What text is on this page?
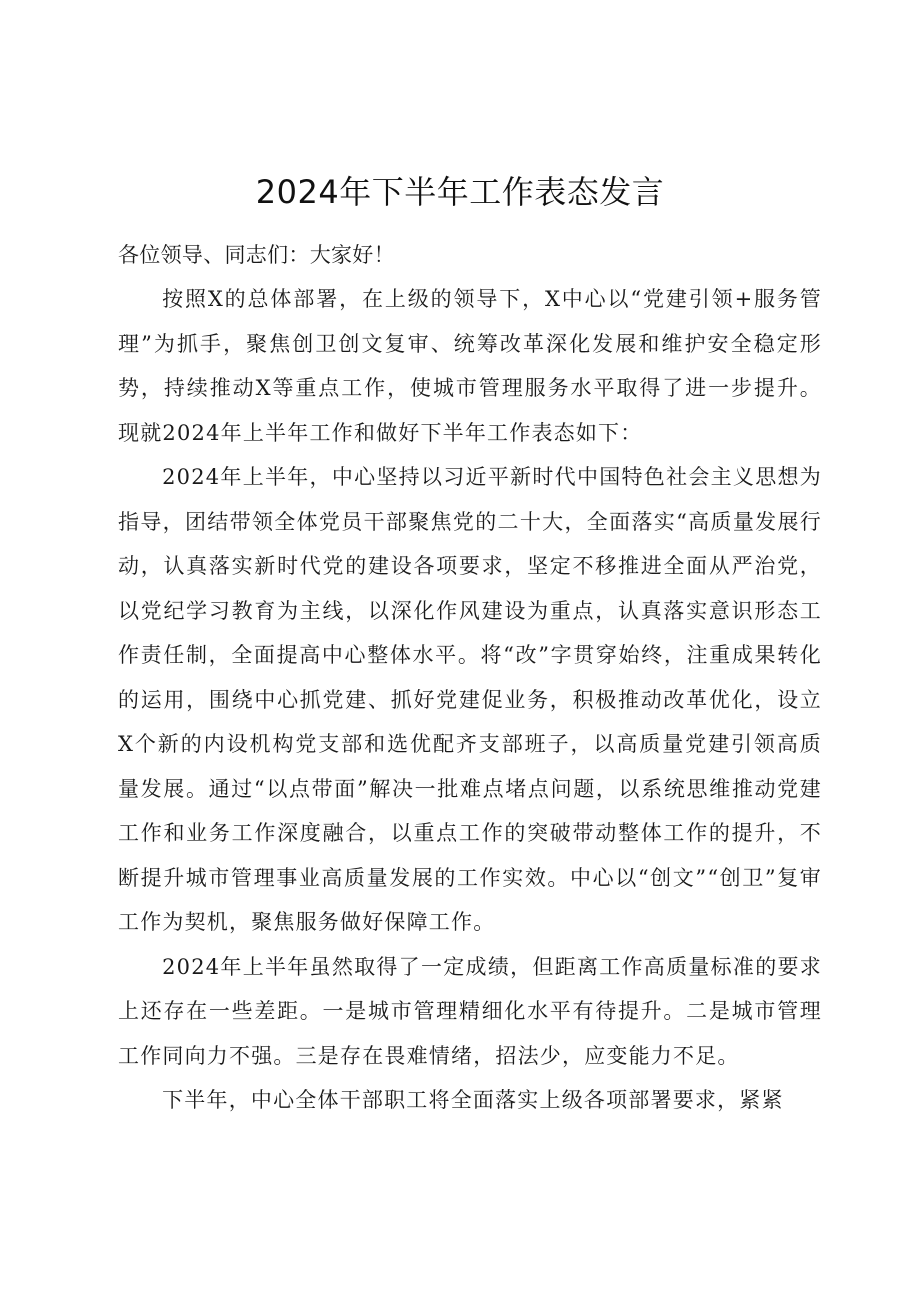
2024年下半年工作表态发言

各位领导、同志们：大家好！

按照X的总体部署，在上级的领导下，X中心以“党建引领+服务管理”为抓手，聚焦创卫创文复审、统筹改革深化发展和维护安全稳定形势，持续推动X等重点工作，使城市管理服务水平取得了进一步提升。现就2024年上半年工作和做好下半年工作表态如下：

2024年上半年，中心坚持以习近平新时代中国特色社会主义思想为指导，团结带领全体党员干部聚焦党的二十大，全面落实“高质量发展行动，认真落实新时代党的建设各项要求，坚定不移推进全面从严治党，以党纪学习教育为主线，以深化作风建设为重点，认真落实意识形态工作责任制，全面提高中心整体水平。将“改”字贯穿始终，注重成果转化的运用，围绕中心抓党建、抓好党建促业务，积极推动改革优化，设立X个新的内设机构党支部和选优配齐支部班子，以高质量党建引领高质量发展。通过“以点带面”解决一批难点堵点问题，以系统思维推动党建工作和业务工作深度融合，以重点工作的突破带动整体工作的提升，不断提升城市管理事业高质量发展的工作实效。中心以“创文”“创卫”复审工作为契机，聚焦服务做好保障工作。

2024年上半年虽然取得了一定成绩，但距离工作高质量标准的要求上还存在一些差距。一是城市管理精细化水平有待提升。二是城市管理工作同向力不强。三是存在畏难情绪，招法少，应变能力不足。

下半年，中心全体干部职工将全面落实上级各项部署要求，紧紧
